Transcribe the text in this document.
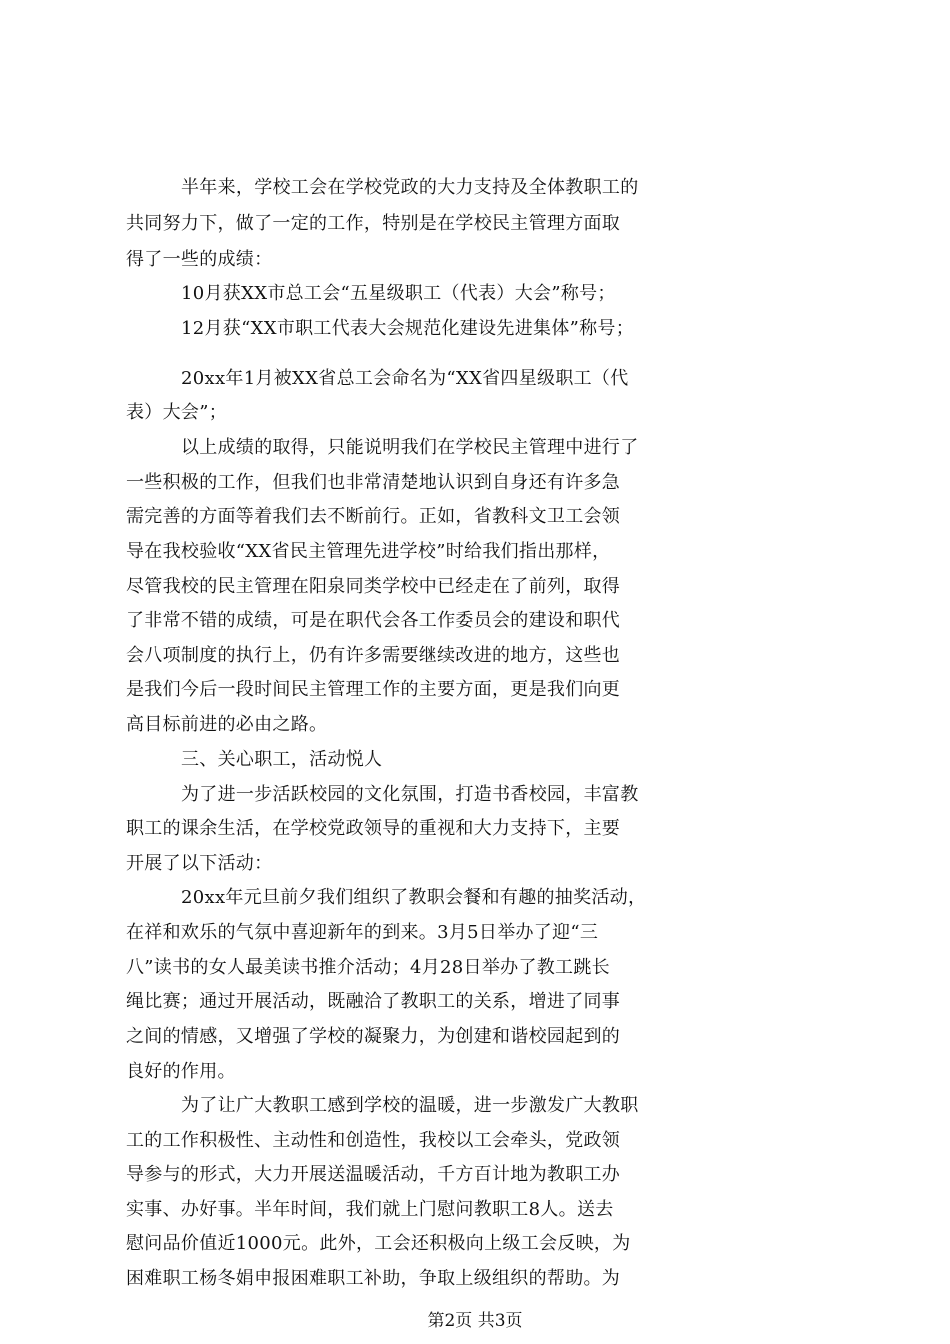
半年来，学校工会在学校党政的大力支持及全体教职工的
共同努力下，做了一定的工作，特别是在学校民主管理方面取
得了一些的成绩：
10月获XX市总工会“五星级职工（代表）大会”称号；
12月获“XX市职工代表大会规范化建设先进集体”称号；
20xx年1月被XX省总工会命名为“XX省四星级职工（代
表）大会”；
以上成绩的取得，只能说明我们在学校民主管理中进行了
一些积极的工作，但我们也非常清楚地认识到自身还有许多急
需完善的方面等着我们去不断前行。正如，省教科文卫工会领
导在我校验收“XX省民主管理先进学校”时给我们指出那样，
尽管我校的民主管理在阳泉同类学校中已经走在了前列，取得
了非常不错的成绩，可是在职代会各工作委员会的建设和职代
会八项制度的执行上，仍有许多需要继续改进的地方，这些也
是我们今后一段时间民主管理工作的主要方面，更是我们向更
高目标前进的必由之路。
三、关心职工，活动悦人
为了进一步活跃校园的文化氛围，打造书香校园，丰富教
职工的课余生活，在学校党政领导的重视和大力支持下，主要
开展了以下活动：
20xx年元旦前夕我们组织了教职会餐和有趣的抽奖活动，
在祥和欢乐的气氛中喜迎新年的到来。3月5日举办了迎“三
八”读书的女人最美读书推介活动；4月28日举办了教工跳长
绳比赛；通过开展活动，既融洽了教职工的关系，增进了同事
之间的情感，又增强了学校的凝聚力，为创建和谐校园起到的
良好的作用。
为了让广大教职工感到学校的温暖，进一步激发广大教职
工的工作积极性、主动性和创造性，我校以工会牵头，党政领
导参与的形式，大力开展送温暖活动，千方百计地为教职工办
实事、办好事。半年时间，我们就上门慰问教职工8人。送去
慰问品价值近1000元。此外，工会还积极向上级工会反映，为
困难职工杨冬娟申报困难职工补助，争取上级组织的帮助。为
第2页 共3页
